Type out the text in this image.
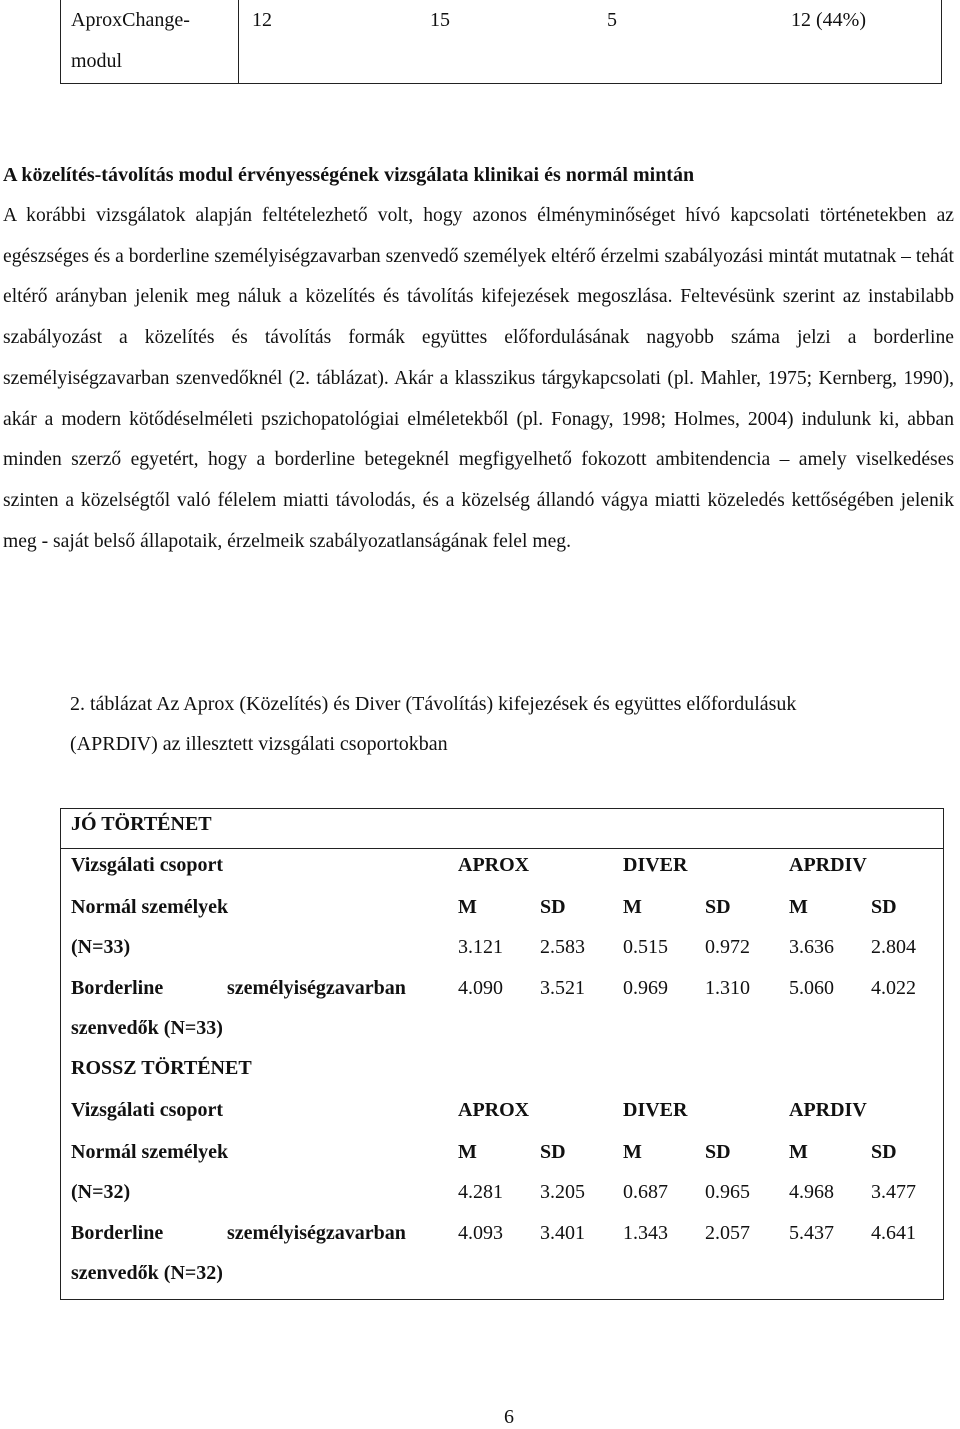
AproxChange-
modul
12	15	5	12 (44%)
A közelítés-távolítás modul érvényességének vizsgálata klinikai és normál mintán

A korábbi vizsgálatok alapján feltételezhető volt, hogy azonos élményminőséget hívó kapcsolati történetekben az egészséges és a borderline személyiségzavarban szenvedő személyek eltérő érzelmi szabályozási mintát mutatnak – tehát eltérő arányban jelenik meg náluk a közelítés és távolítás kifejezések megoszlása. Feltevésünk szerint az instabilabb szabályozást a közelítés és távolítás formák együttes előfordulásának nagyobb száma jelzi a borderline személyiségzavarban szenvedőknél (2. táblázat). Akár a klasszikus tárgykapcsolati (pl. Mahler, 1975; Kernberg, 1990), akár a modern kötődéselméleti pszichopatológiai elméletekből (pl. Fonagy, 1998; Holmes, 2004) indulunk ki, abban minden szerző egyetért, hogy a borderline betegeknél megfigyelhető fokozott ambitendencia – amely viselkedéses szinten a közelségtől való félelem miatti távolodás, és a közelség állandó vágya miatti közeledés kettőségében jelenik meg - saját belső állapotaik, érzelmeik szabályozatlanságának felel meg.

2. táblázat Az Aprox (Közelítés) és Diver (Távolítás) kifejezések és együttes előfordulásuk
(APRDIV) az illesztett vizsgálati csoportokban
JÓ TÖRTÉNET
Vizsgálati csoport	APROX	DIVER	APRDIV
Normál személyek	M	SD	M	SD	M	SD
(N=33)	3.121 2.583 0.515 0.972 3.636 2.804
Borderline	személyiségzavarban	4.090 3.521 0.969 1.310 5.060 4.022
szenvedők (N=33)
ROSSZ TÖRTÉNET
Vizsgálati csoport	APROX	DIVER	APRDIV
Normál személyek	M	SD	M	SD	M	SD
(N=32)	4.281 3.205 0.687 0.965 4.968 3.477
Borderline	személyiségzavarban	4.093 3.401 1.343 2.057 5.437 4.641
szenvedők (N=32)
6
